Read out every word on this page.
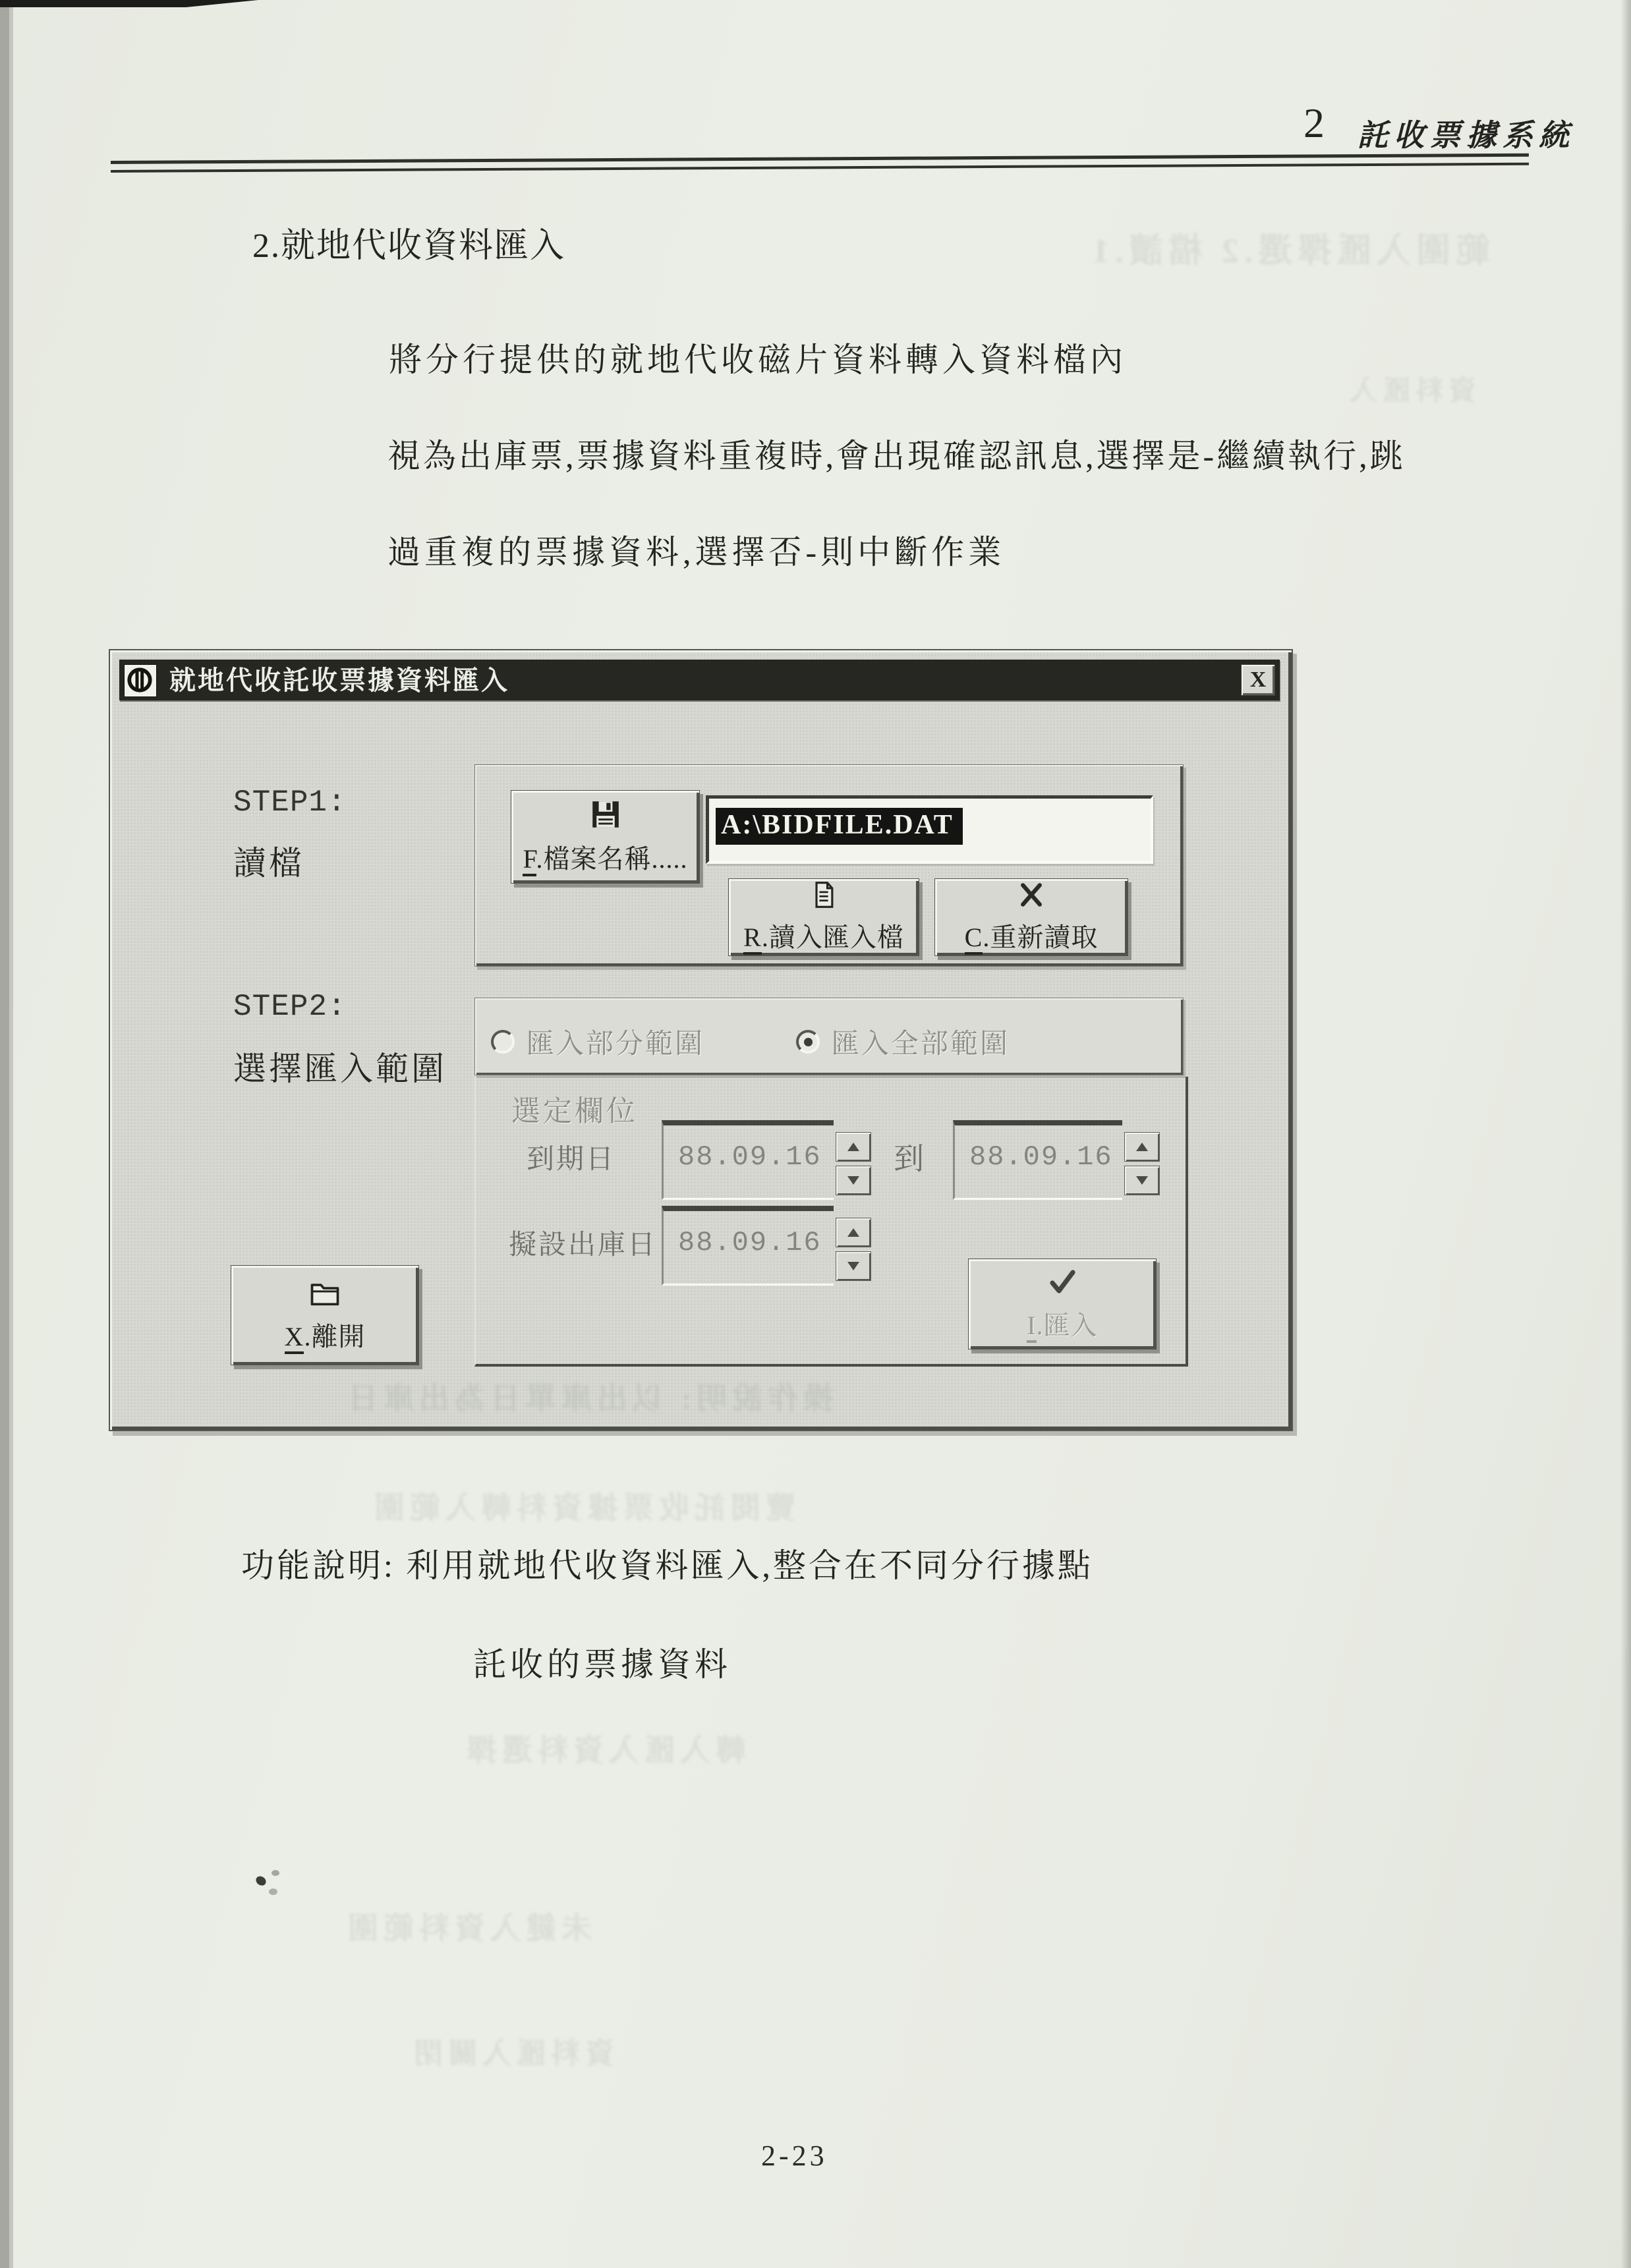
範圍入匯擇選.2 檔讀.1
資料匯入
覽閱託收票據資料轉入範圍
轉入匯入資料選擇
未鍵入資料範圍
資料匯入關閉
2 託收票據系統
2.就地代收資料匯入
將分行提供的就地代收磁片資料轉入資料檔內
視為出庫票,票據資料重複時,會出現確認訊息,選擇是-繼續執行,跳
過重複的票據資料,選擇否-則中斷作業
就地代收託收票據資料匯入	X
STEP1:
讀檔	F.檔案名稱.....
A:\BIDFILE.DAT
R.讀入匯入檔 C.重新讀取
STEP2:
選擇匯入範圍
匯入部分範圍	匯入全部範圍
選定欄位
到期日 88.09.16	到 88.09.16
擬設出庫日 88.09.16
I.匯入
X.離開
操作說明: 以出庫單日為出庫日
功能說明: 利用就地代收資料匯入,整合在不同分行據點
託收的票據資料
2-23
